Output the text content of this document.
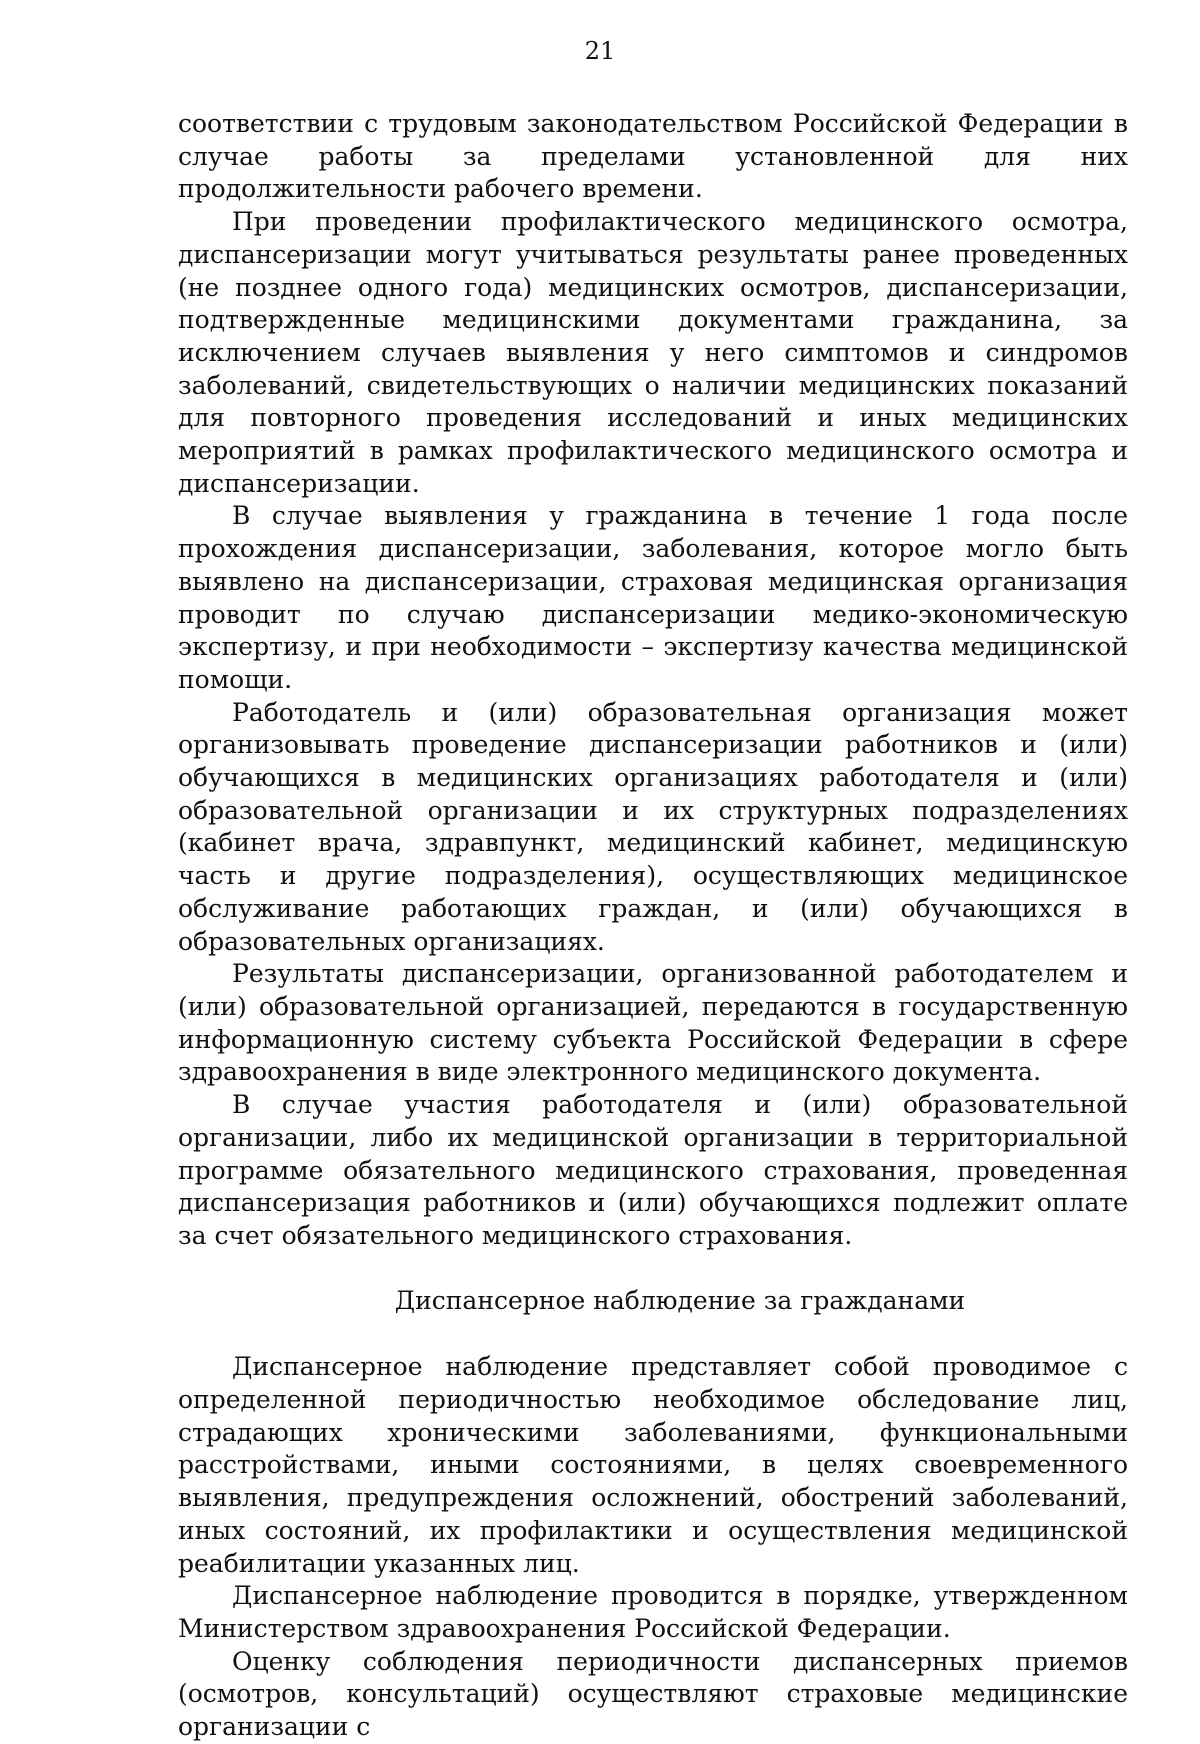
21

соответствии с трудовым законодательством Российской Федерации в случае работы за пределами установленной для них продолжительности рабочего времени.

При проведении профилактического медицинского осмотра, диспансеризации могут учитываться результаты ранее проведенных (не позднее одного года) медицинских осмотров, диспансеризации, подтвержденные медицинскими документами гражданина, за исключением случаев выявления у него симптомов и синдромов заболеваний, свидетельствующих о наличии медицинских показаний для повторного проведения исследований и иных медицинских мероприятий в рамках профилактического медицинского осмотра и диспансеризации.

В случае выявления у гражданина в течение 1 года после прохождения диспансеризации, заболевания, которое могло быть выявлено на диспансеризации, страховая медицинская организация проводит по случаю диспансеризации медико-экономическую экспертизу, и при необходимости – экспертизу качества медицинской помощи.

Работодатель и (или) образовательная организация может организовывать проведение диспансеризации работников и (или) обучающихся в медицинских организациях работодателя и (или) образовательной организации и их структурных подразделениях (кабинет врача, здравпункт, медицинский кабинет, медицинскую часть и другие подразделения), осуществляющих медицинское обслуживание работающих граждан, и (или) обучающихся в образовательных организациях.

Результаты диспансеризации, организованной работодателем и (или) образовательной организацией, передаются в государственную информационную систему субъекта Российской Федерации в сфере здравоохранения в виде электронного медицинского документа.

В случае участия работодателя и (или) образовательной организации, либо их медицинской организации в территориальной программе обязательного медицинского страхования, проведенная диспансеризация работников и (или) обучающихся подлежит оплате за счет обязательного медицинского страхования.

Диспансерное наблюдение за гражданами

Диспансерное наблюдение представляет собой проводимое с определенной периодичностью необходимое обследование лиц, страдающих хроническими заболеваниями, функциональными расстройствами, иными состояниями, в целях своевременного выявления, предупреждения осложнений, обострений заболеваний, иных состояний, их профилактики и осуществления медицинской реабилитации указанных лиц.

Диспансерное наблюдение проводится в порядке, утвержденном Министерством здравоохранения Российской Федерации.

Оценку соблюдения периодичности диспансерных приемов (осмотров, консультаций) осуществляют страховые медицинские организации с
